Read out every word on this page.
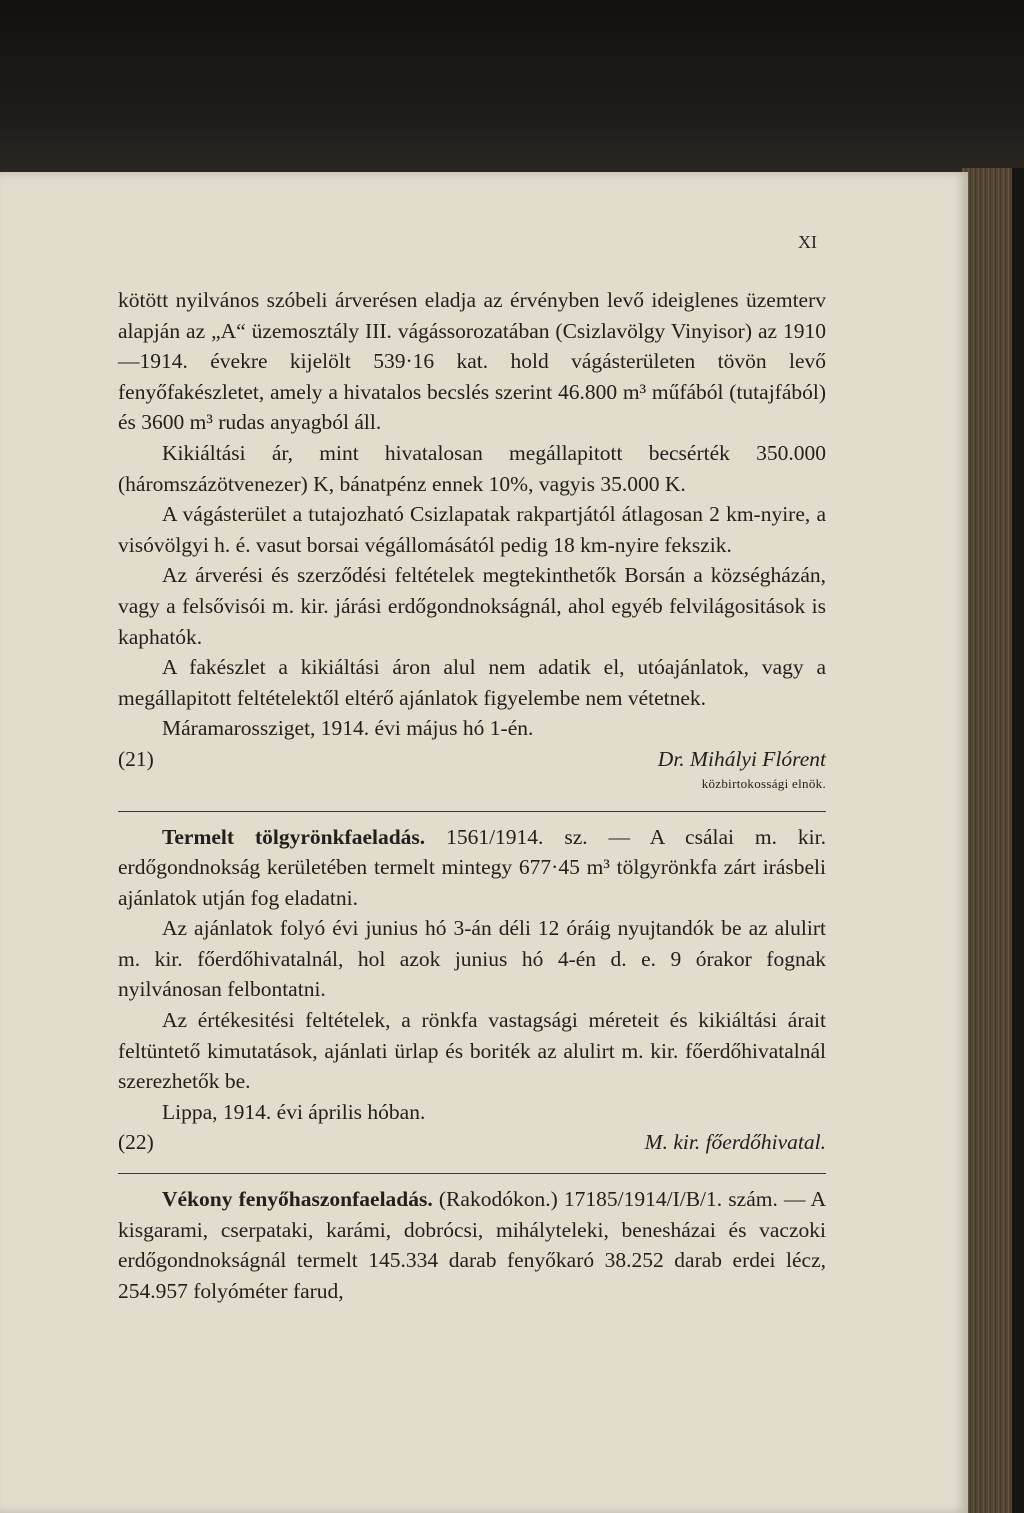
XI

kötött nyilvános szóbeli árverésen eladja az érvényben levő ideiglenes üzemterv alapján az „A“ üzemosztály III. vágássorozatában (Csizlavölgy Vinyisor) az 1910—1914. évekre kijelölt 539·16 kat. hold vágásterületen tövön levő fenyőfakészletet, amely a hivatalos becslés szerint 46.800 m³ műfából (tutajfából) és 3600 m³ rudas anyagból áll.

Kikiáltási ár, mint hivatalosan megállapitott becsérték 350.000 (háromszázötvenezer) K, bánatpénz ennek 10%, vagyis 35.000 K.

A vágásterület a tutajozható Csizlapatak rakpartjától átlagosan 2 km-nyire, a visóvölgyi h. é. vasut borsai végállomásától pedig 18 km-nyire fekszik.

Az árverési és szerződési feltételek megtekinthetők Borsán a községházán, vagy a felsővisói m. kir. járási erdőgondnokságnál, ahol egyéb felvilágositások is kaphatók.

A fakészlet a kikiáltási áron alul nem adatik el, utóajánlatok, vagy a megállapitott feltételektől eltérő ajánlatok figyelembe nem vétetnek.

Máramarossziget, 1914. évi május hó 1-én.

(21)	Dr. Mihályi Flórent
közbirtokossági elnök.

Termelt tölgyrönkfaeladás. 1561/1914. sz. — A csálai m. kir. erdőgondnokság kerületében termelt mintegy 677·45 m³ tölgyrönkfa zárt irásbeli ajánlatok utján fog eladatni.

Az ajánlatok folyó évi junius hó 3-án déli 12 óráig nyujtandók be az alulirt m. kir. főerdőhivatalnál, hol azok junius hó 4-én d. e. 9 órakor fognak nyilvánosan felbontatni.

Az értékesitési feltételek, a rönkfa vastagsági méreteit és kikiáltási árait feltüntető kimutatások, ajánlati ürlap és boriték az alulirt m. kir. főerdőhivatalnál szerezhetők be.

Lippa, 1914. évi április hóban.

(22)	M. kir. főerdőhivatal.

Vékony fenyőhaszonfaeladás. (Rakodókon.) 17185/1914/I/B/1. szám. — A kisgarami, cserpataki, karámi, dobrócsi, mihályteleki, benesházai és vaczoki erdőgondnokságnál termelt 145.334 darab fenyőkaró 38.252 darab erdei lécz, 254.957 folyóméter farud,
